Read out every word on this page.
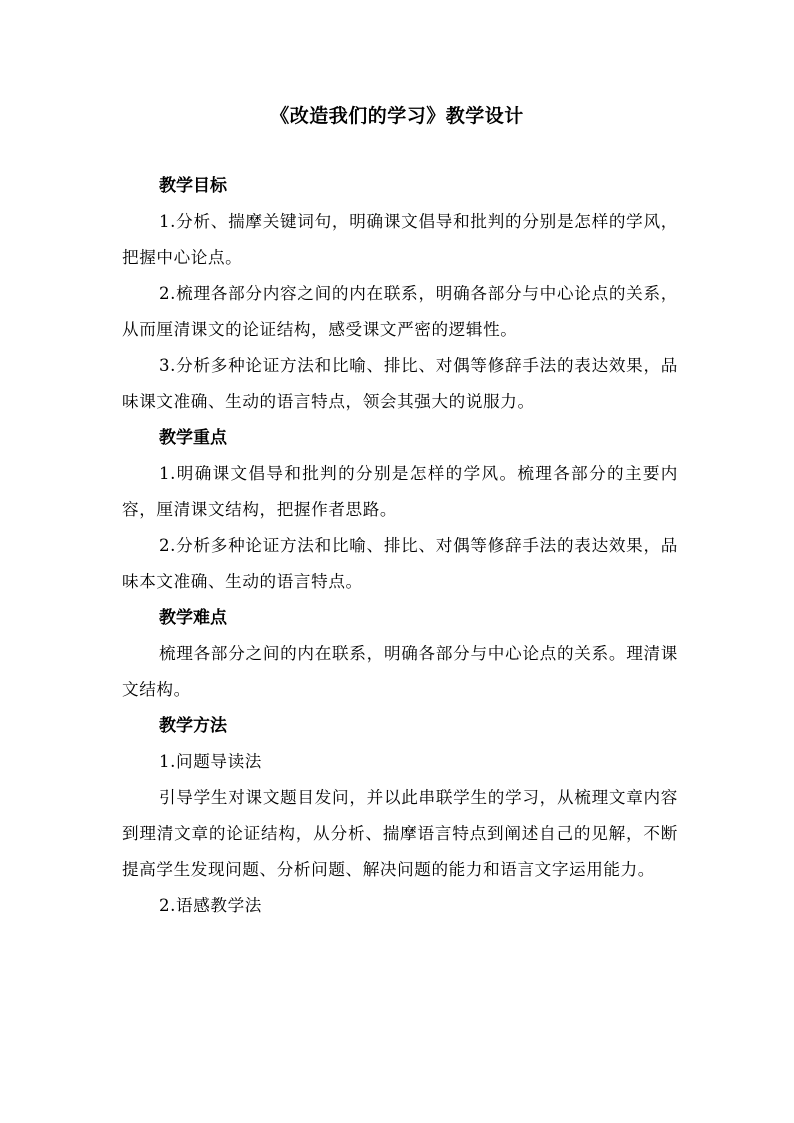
《改造我们的学习》教学设计

教学目标

1.分析、揣摩关键词句，明确课文倡导和批判的分别是怎样的学风，把握中心论点。

2.梳理各部分内容之间的内在联系，明确各部分与中心论点的关系，从而厘清课文的论证结构，感受课文严密的逻辑性。

3.分析多种论证方法和比喻、排比、对偶等修辞手法的表达效果，品味课文准确、生动的语言特点，领会其强大的说服力。

教学重点

1.明确课文倡导和批判的分别是怎样的学风。梳理各部分的主要内容，厘清课文结构，把握作者思路。

2.分析多种论证方法和比喻、排比、对偶等修辞手法的表达效果，品味本文准确、生动的语言特点。

教学难点

梳理各部分之间的内在联系，明确各部分与中心论点的关系。理清课文结构。

教学方法

1.问题导读法

引导学生对课文题目发问，并以此串联学生的学习，从梳理文章内容到理清文章的论证结构，从分析、揣摩语言特点到阐述自己的见解，不断提高学生发现问题、分析问题、解决问题的能力和语言文字运用能力。

2.语感教学法
